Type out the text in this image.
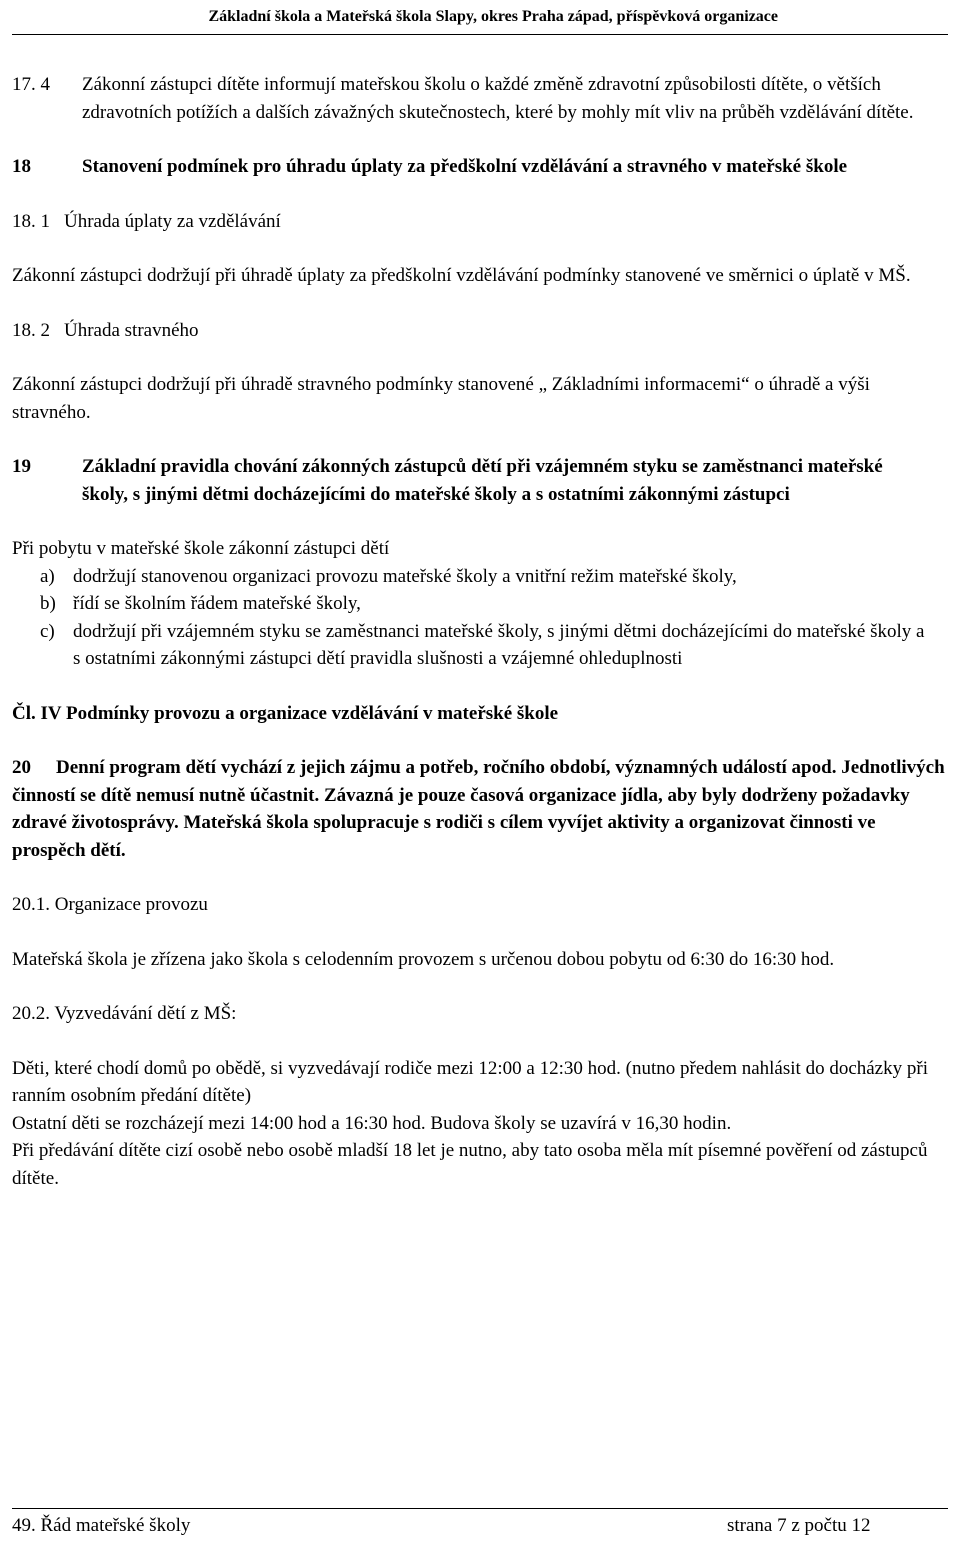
Základní škola a Mateřská škola Slapy, okres Praha západ, příspěvková organizace
17. 4	Zákonní zástupci dítěte informují mateřskou školu o každé změně zdravotní způsobilosti dítěte, o větších zdravotních potížích a dalších závažných skutečnostech, které by mohly mít vliv na průběh vzdělávání dítěte.
18	Stanovení podmínek pro úhradu úplaty za předškolní vzdělávání a stravného v mateřské škole
18. 1 Úhrada úplaty za vzdělávání

Zákonní zástupci dodržují při úhradě úplaty za předškolní vzdělávání podmínky stanovené ve směrnici o úplatě v MŠ.

18. 2 Úhrada stravného

Zákonní zástupci dodržují při úhradě stravného podmínky stanovené „ Základními informacemi“ o úhradě a výši stravného.

19	Základní pravidla chování zákonných zástupců dětí při vzájemném styku se zaměstnanci mateřské školy, s jinými dětmi docházejícími do mateřské školy a s ostatními zákonnými zástupci

Při pobytu v mateřské škole zákonní zástupci dětí

a) dodržují stanovenou organizaci provozu mateřské školy a vnitřní režim mateřské školy,
b) řídí se školním řádem mateřské školy,
c) dodržují při vzájemném styku se zaměstnanci mateřské školy, s jinými dětmi docházejícími do mateřské školy a s ostatními zákonnými zástupci dětí pravidla slušnosti a vzájemné ohleduplnosti

Čl. IV Podmínky provozu a organizace vzdělávání v mateřské škole

20 Denní program dětí vychází z jejich zájmu a potřeb, ročního období, významných událostí apod. Jednotlivých činností se dítě nemusí nutně účastnit. Závazná je pouze časová organizace jídla, aby byly dodrženy požadavky zdravé životosprávy. Mateřská škola spolupracuje s rodiči s cílem vyvíjet aktivity a organizovat činnosti ve prospěch dětí.

20.1. Organizace provozu

Mateřská škola je zřízena jako škola s celodenním provozem s určenou dobou pobytu od 6:30 do 16:30 hod.

20.2. Vyzvedávání dětí z MŠ:

Děti, které chodí domů po obědě, si vyzvedávají rodiče mezi 12:00 a 12:30 hod. (nutno předem nahlásit do docházky při ranním osobním předání dítěte)

Ostatní děti se rozcházejí mezi 14:00 hod a 16:30 hod. Budova školy se uzavírá v 16,30 hodin.

Při předávání dítěte cizí osobě nebo osobě mladší 18 let je nutno, aby tato osoba měla mít písemné pověření od zástupců dítěte.

49. Řád mateřské školy	strana 7 z počtu 12
